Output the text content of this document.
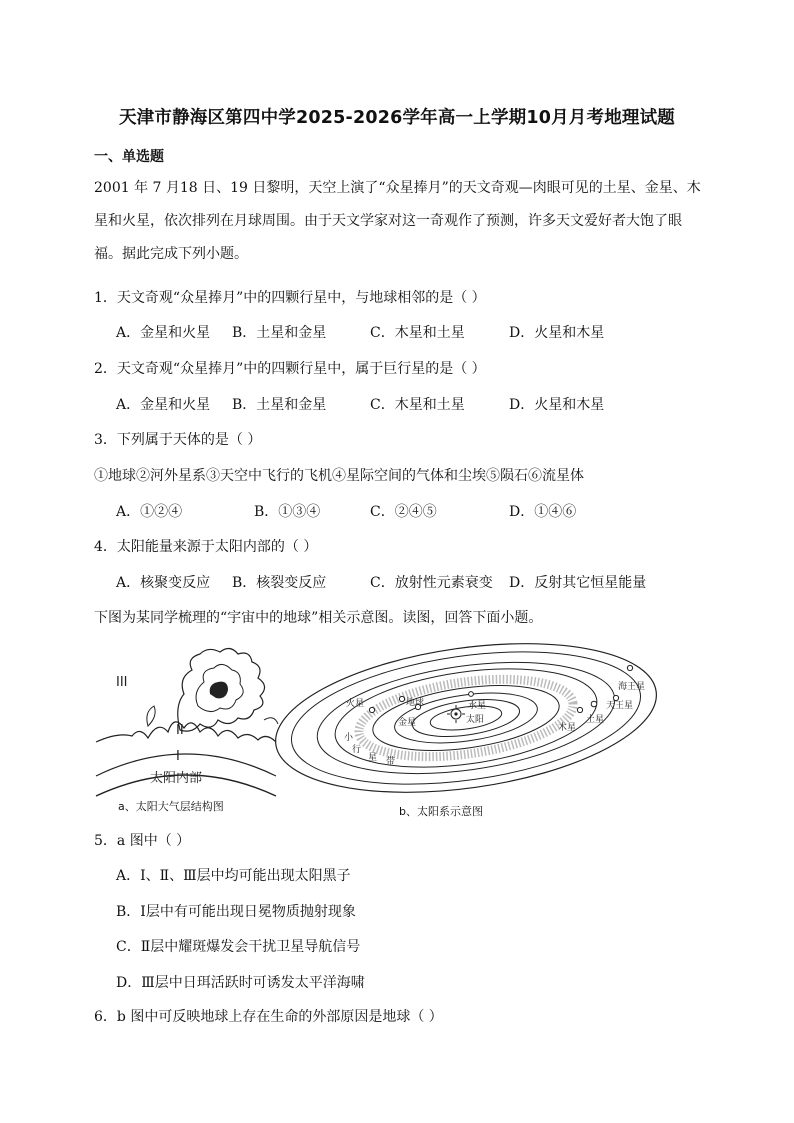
天津市静海区第四中学2025-2026学年高一上学期10月月考地理试题
一、单选题
2001 年 7 月18 日、19 日黎明，天空上演了“众星捧月”的天文奇观—肉眼可见的土星、金星、木星和火星，依次排列在月球周围。由于天文学家对这一奇观作了预测，许多天文爱好者大饱了眼福。据此完成下列小题。
1．天文奇观“众星捧月”中的四颗行星中，与地球相邻的是（ ）
A．金星和火星 B．土星和金星	C．木星和土星	D．火星和木星
2．天文奇观“众星捧月”中的四颗行星中，属于巨行星的是（ ）
A．金星和火星 B．土星和金星	C．木星和土星	D．火星和木星
3．下列属于天体的是（ ）
①地球②河外星系③天空中飞行的飞机④星际空间的气体和尘埃⑤陨石⑥流星体
A．①②④	B．①③④	C．②④⑤	D．①④⑥
4．太阳能量来源于太阳内部的（ ）
A．核聚变反应 B．核裂变反应	C．放射性元素衰变 D．反射其它恒星能量
下图为某同学梳理的“宇宙中的地球”相关示意图。读图，回答下面小题。
III
II
I
太阳内部
太阳
水星
金星
地球
火星
小
行
星 带
木星
土星
天王星
海王星
a、太阳大气层结构图	b、太阳系示意图
5．a 图中（ ）
A．Ⅰ、Ⅱ、Ⅲ层中均可能出现太阳黑子
B．Ⅰ层中有可能出现日冕物质抛射现象
C．Ⅱ层中耀斑爆发会干扰卫星导航信号
D．Ⅲ层中日珥活跃时可诱发太平洋海啸
6．b 图中可反映地球上存在生命的外部原因是地球（ ）
